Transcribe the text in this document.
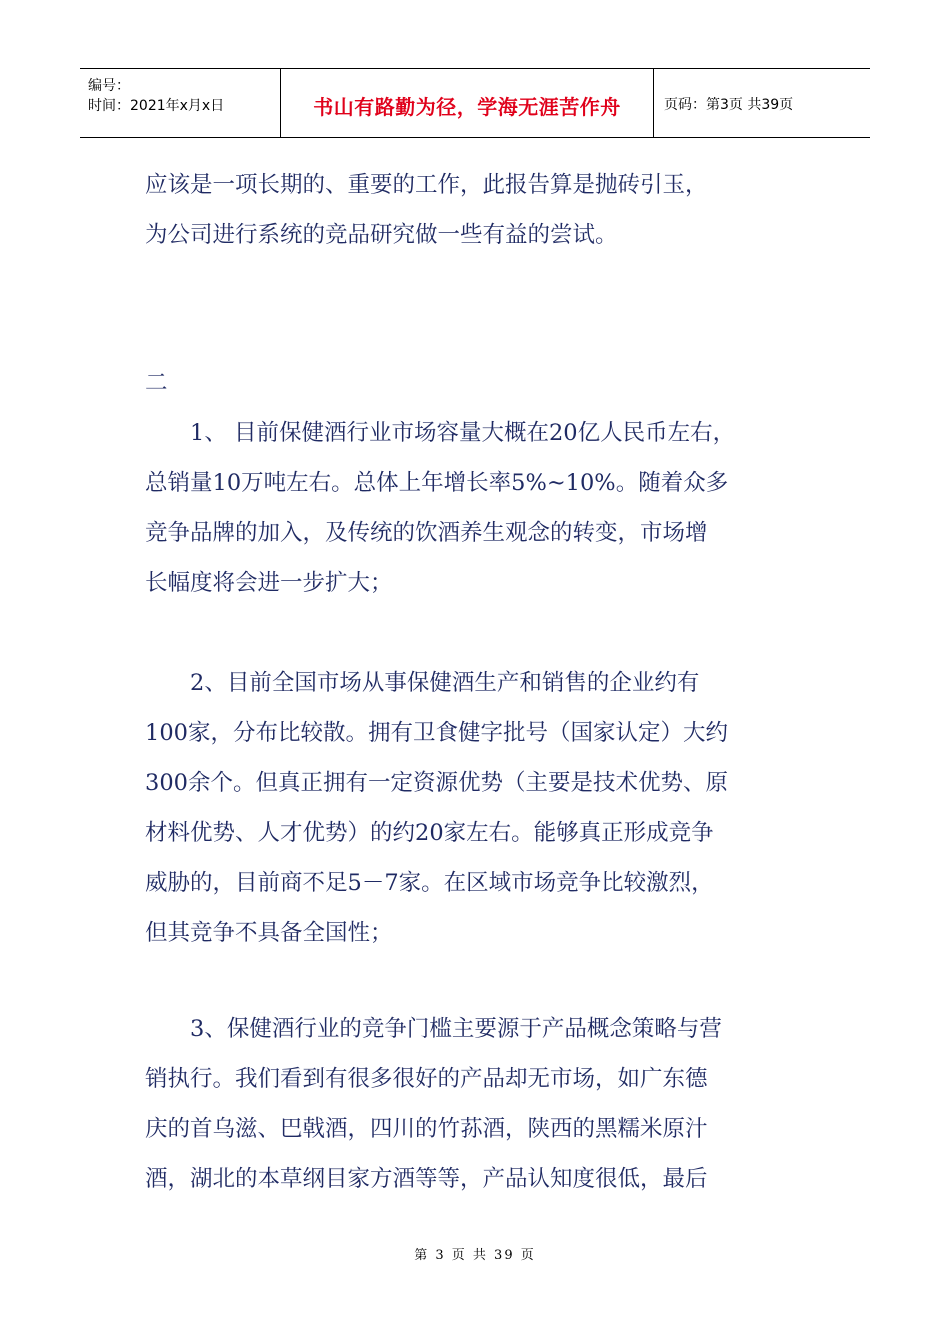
编号：
时间：2021年x月x日	书山有路勤为径，学海无涯苦作舟	页码：第3页 共39页
应该是一项长期的、重要的工作，此报告算是抛砖引玉，
为公司进行系统的竞品研究做一些有益的尝试。
二
　　1、 目前保健酒行业市场容量大概在20亿人民币左右，
总销量10万吨左右。总体上年增长率5%~10%。随着众多
竞争品牌的加入，及传统的饮酒养生观念的转变，市场增
长幅度将会进一步扩大；
　　2、目前全国市场从事保健酒生产和销售的企业约有
100家，分布比较散。拥有卫食健字批号（国家认定）大约
300余个。但真正拥有一定资源优势（主要是技术优势、原
材料优势、人才优势）的约20家左右。能够真正形成竞争
威胁的，目前商不足5－7家。在区域市场竞争比较激烈，
但其竞争不具备全国性；
　　3、保健酒行业的竞争门槛主要源于产品概念策略与营
销执行。我们看到有很多很好的产品却无市场，如广东德
庆的首乌滋、巴戟酒，四川的竹荪酒，陕西的黑糯米原汁
酒，湖北的本草纲目家方酒等等，产品认知度很低，最后
第 3 页 共 39 页
